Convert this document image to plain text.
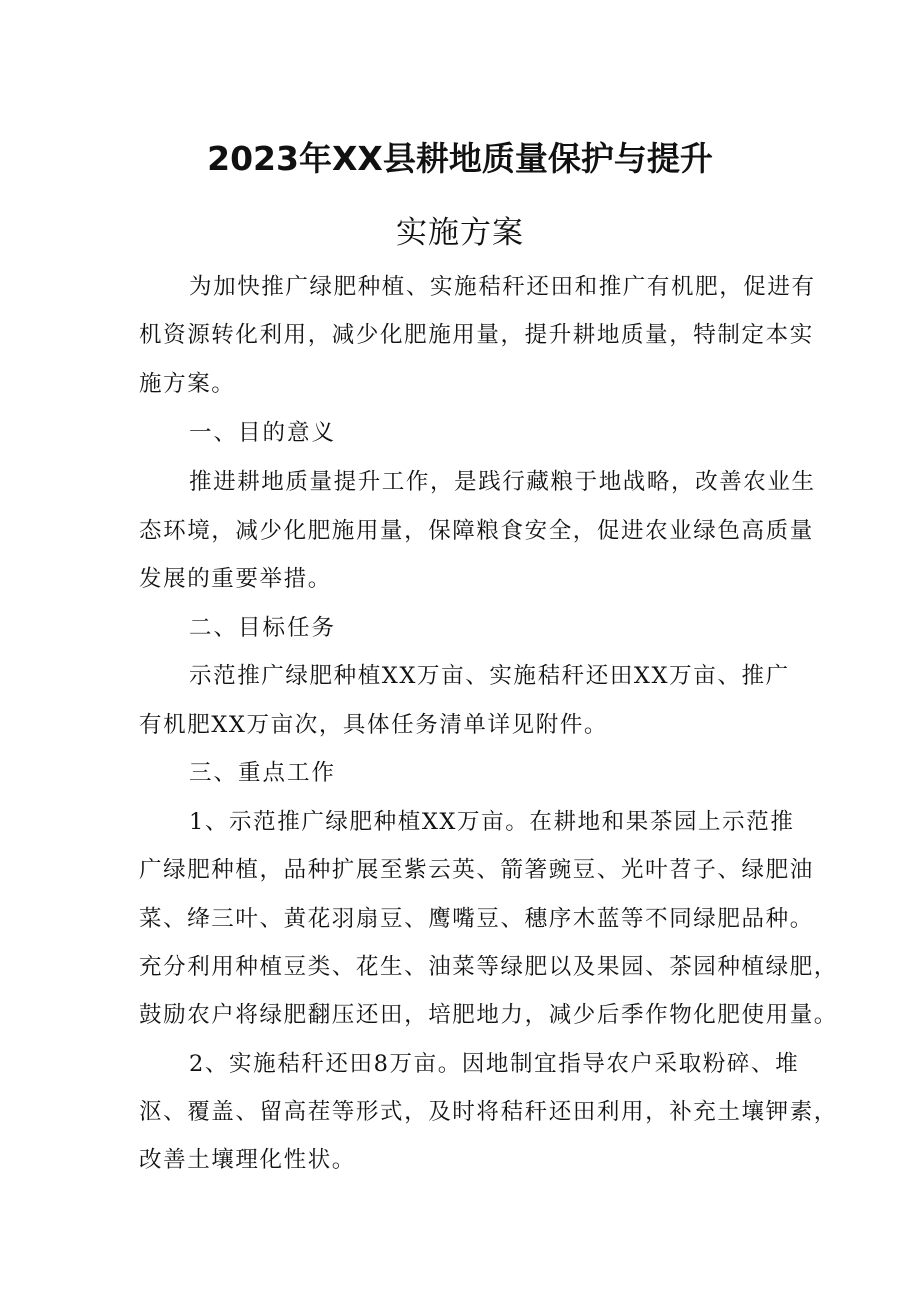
2023年XX县耕地质量保护与提升
实施方案
为加快推广绿肥种植、实施秸秆还田和推广有机肥，促进有
机资源转化利用，减少化肥施用量，提升耕地质量，特制定本实
施方案。
一、目的意义
推进耕地质量提升工作，是践行藏粮于地战略，改善农业生
态环境，减少化肥施用量，保障粮食安全，促进农业绿色高质量
发展的重要举措。
二、目标任务
示范推广绿肥种植XX万亩、实施秸秆还田XX万亩、推广
有机肥XX万亩次，具体任务清单详见附件。
三、重点工作
1、示范推广绿肥种植XX万亩。在耕地和果茶园上示范推
广绿肥种植，品种扩展至紫云英、箭箸豌豆、光叶苕子、绿肥油
菜、绛三叶、黄花羽扇豆、鹰嘴豆、穗序木蓝等不同绿肥品种。
充分利用种植豆类、花生、油菜等绿肥以及果园、茶园种植绿肥，
鼓励农户将绿肥翻压还田，培肥地力，减少后季作物化肥使用量。
2、实施秸秆还田8万亩。因地制宜指导农户采取粉碎、堆
沤、覆盖、留高茬等形式，及时将秸秆还田利用，补充土壤钾素，
改善土壤理化性状。
